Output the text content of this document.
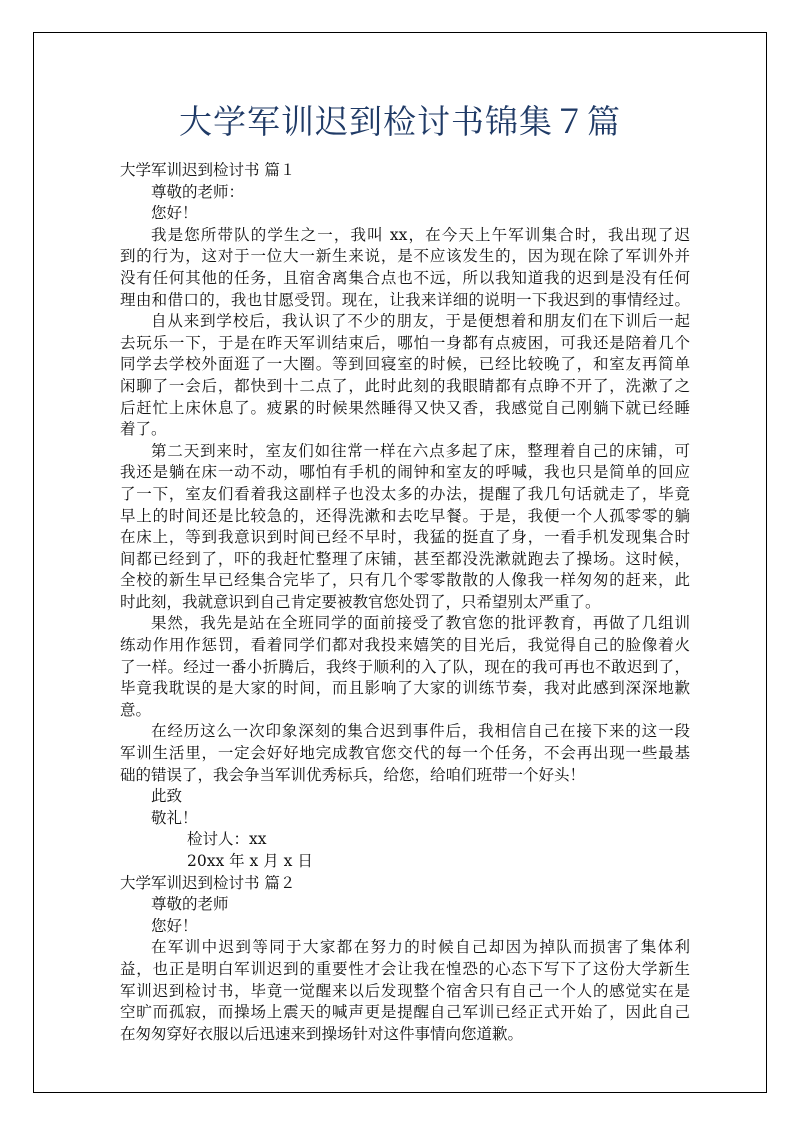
大学军训迟到检讨书锦集７篇
大学军训迟到检讨书 篇１
尊敬的老师：
您好！
我是您所带队的学生之一，我叫 xx，在今天上午军训集合时，我出现了迟
到的行为，这对于一位大一新生来说，是不应该发生的，因为现在除了军训外并
没有任何其他的任务，且宿舍离集合点也不远，所以我知道我的迟到是没有任何
理由和借口的，我也甘愿受罚。现在，让我来详细的说明一下我迟到的事情经过。
自从来到学校后，我认识了不少的朋友，于是便想着和朋友们在下训后一起
去玩乐一下，于是在昨天军训结束后，哪怕一身都有点疲困，可我还是陪着几个
同学去学校外面逛了一大圈。等到回寝室的时候，已经比较晚了，和室友再简单
闲聊了一会后，都快到十二点了，此时此刻的我眼睛都有点睁不开了，洗漱了之
后赶忙上床休息了。疲累的时候果然睡得又快又香，我感觉自己刚躺下就已经睡
着了。
第二天到来时，室友们如往常一样在六点多起了床，整理着自己的床铺，可
我还是躺在床一动不动，哪怕有手机的闹钟和室友的呼喊，我也只是简单的回应
了一下，室友们看着我这副样子也没太多的办法，提醒了我几句话就走了，毕竟
早上的时间还是比较急的，还得洗漱和去吃早餐。于是，我便一个人孤零零的躺
在床上，等到我意识到时间已经不早时，我猛的挺直了身，一看手机发现集合时
间都已经到了，吓的我赶忙整理了床铺，甚至都没洗漱就跑去了操场。这时候，
全校的新生早已经集合完毕了，只有几个零零散散的人像我一样匆匆的赶来，此
时此刻，我就意识到自己肯定要被教官您处罚了，只希望别太严重了。
果然，我先是站在全班同学的面前接受了教官您的批评教育，再做了几组训
练动作用作惩罚，看着同学们都对我投来嬉笑的目光后，我觉得自己的脸像着火
了一样。经过一番小折腾后，我终于顺利的入了队，现在的我可再也不敢迟到了，
毕竟我耽误的是大家的时间，而且影响了大家的训练节奏，我对此感到深深地歉
意。
在经历这么一次印象深刻的集合迟到事件后，我相信自己在接下来的这一段
军训生活里，一定会好好地完成教官您交代的每一个任务，不会再出现一些最基
础的错误了，我会争当军训优秀标兵，给您，给咱们班带一个好头！
此致
敬礼！
检讨人：xx
20xx 年 x 月 x 日
大学军训迟到检讨书 篇２
尊敬的老师
您好！
在军训中迟到等同于大家都在努力的时候自己却因为掉队而损害了集体利
益，也正是明白军训迟到的重要性才会让我在惶恐的心态下写下了这份大学新生
军训迟到检讨书，毕竟一觉醒来以后发现整个宿舍只有自己一个人的感觉实在是
空旷而孤寂，而操场上震天的喊声更是提醒自己军训已经正式开始了，因此自己
在匆匆穿好衣服以后迅速来到操场针对这件事情向您道歉。
